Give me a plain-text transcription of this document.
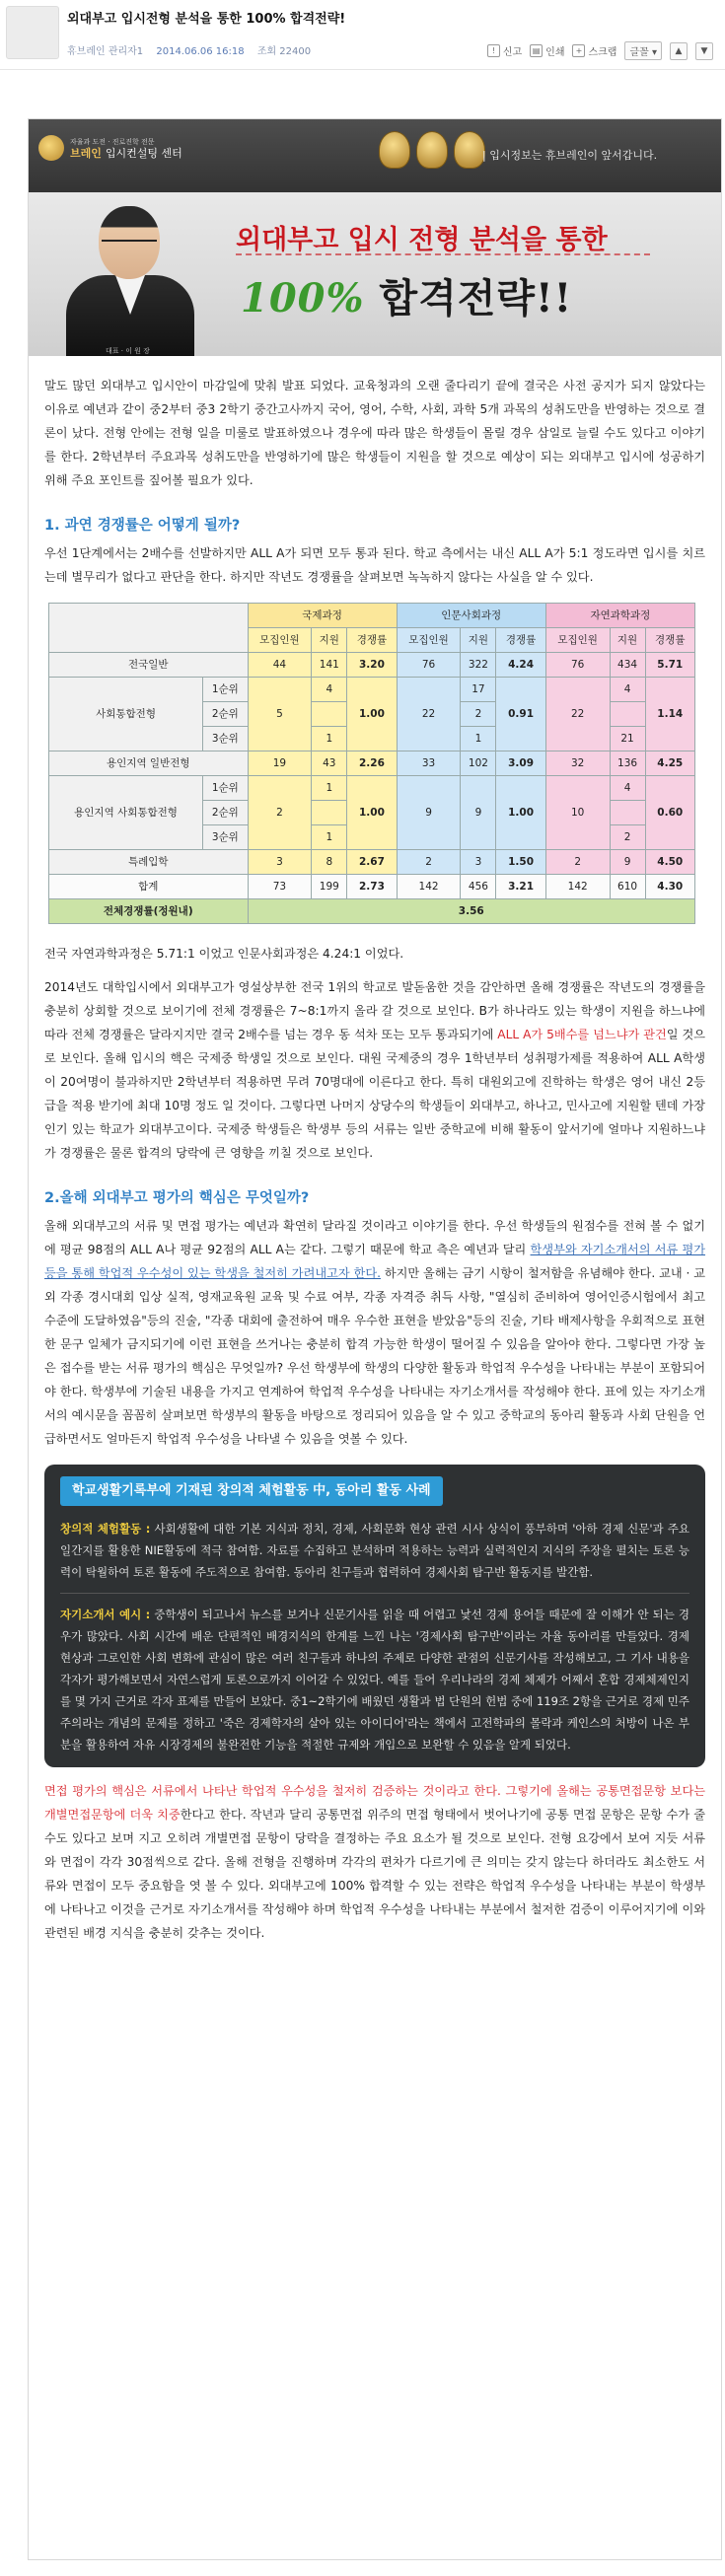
외대부고 입시전형 분석을 통한 100% 합격전략!
휴브레인 관리자1 2014.06.06 16:18 조회 22400	! 신고	▤ 인쇄	+ 스크랩	글꼴 ▾	▲	▼
자율과 도전 · 진로진학 전문
브레인 입시컨설팅 센터	| 입시정보는 휴브레인이 앞서갑니다.
대표 · 이 원 장
외대부고 입시 전형 분석을 통한
100% 합격전략!!

말도 많던 외대부고 입시안이 마감일에 맞춰 발표 되었다. 교육청과의 오랜 줄다리기 끝에 결국은 사전 공지가 되지 않았다는 이유로 예년과 같이 중2부터 중3 2학기 중간고사까지 국어, 영어, 수학, 사회, 과학 5개 과목의 성취도만을 반영하는 것으로 결론이 났다. 전형 안에는 전형 일을 미룰로 발표하였으나 경우에 따라 많은 학생들이 몰릴 경우 삼일로 늘릴 수도 있다고 이야기를 한다. 2학년부터 주요과목 성취도만을 반영하기에 많은 학생들이 지원을 할 것으로 예상이 되는 외대부고 입시에 성공하기 위해 주요 포인트를 짚어볼 필요가 있다.

1. 과연 경쟁률은 어떻게 될까?

우선 1단계에서는 2배수를 선발하지만 ALL A가 되면 모두 통과 된다. 학교 측에서는 내신 ALL A가 5:1 정도라면 입시를 치르는데 별무리가 없다고 판단을 한다. 하지만 작년도 경쟁률을 살펴보면 녹녹하지 않다는 사실을 알 수 있다.

		국제과정			인문사회과정			자연과학과정		
		모집인원	지원	경쟁률	모집인원	지원	경쟁률	모집인원	지원	경쟁률
전국일반		44	141	3.20	76	322	4.24	76	434	5.71
사회통합전형	1순위	5	4	1.00	22	17	0.91	22	4	1.14
	2순위					2				
	3순위		1			1			21	
용인지역 일반전형		19	43	2.26	33	102	3.09	32	136	4.25
용인지역 사회통합전형	1순위	2	1	1.00	9	9	1.00	10	4	0.60
	2순위									
	3순위		1						2	
특례입학		3	8	2.67	2	3	1.50	2	9	4.50
합계		73	199	2.73	142	456	3.21	142	610	4.30
전체경쟁률(정원내)		3.56								

전국 자연과학과정은 5.71:1 이었고 인문사회과정은 4.24:1 이었다.

2014년도 대학입시에서 외대부고가 영설상부한 전국 1위의 학교로 발돋움한 것을 감안하면 올해 경쟁률은 작년도의 경쟁률을 충분히 상회할 것으로 보이기에 전체 경쟁률은 7~8:1까지 올라 갈 것으로 보인다. B가 하나라도 있는 학생이 지원을 하느냐에 따라 전체 경쟁률은 달라지지만 결국 2배수를 넘는 경우 동 석차 또는 모두 통과되기에 ALL A가 5배수를 넘느냐가 관건일 것으로 보인다. 올해 입시의 핵은 국제중 학생일 것으로 보인다. 대원 국제중의 경우 1학년부터 성취평가제를 적용하여 ALL A학생이 20여명이 불과하지만 2학년부터 적용하면 무려 70명대에 이른다고 한다. 특히 대원외고에 진학하는 학생은 영어 내신 2등급을 적용 받기에 최대 10명 정도 일 것이다. 그렇다면 나머지 상당수의 학생들이 외대부고, 하나고, 민사고에 지원할 텐데 가장 인기 있는 학교가 외대부고이다. 국제중 학생들은 학생부 등의 서류는 일반 중학교에 비해 활동이 앞서기에 얼마나 지원하느냐가 경쟁률은 물론 합격의 당락에 큰 영향을 끼칠 것으로 보인다.

2.올해 외대부고 평가의 핵심은 무엇일까?

올해 외대부고의 서류 및 면접 평가는 예년과 확연히 달라질 것이라고 이야기를 한다. 우선 학생들의 원점수를 전혀 볼 수 없기에 평균 98점의 ALL A나 평균 92점의 ALL A는 같다. 그렇기 때문에 학교 측은 예년과 달리 학생부와 자기소개서의 서류 평가 등을 통해 학업적 우수성이 있는 학생을 철저히 가려내고자 한다. 하지만 올해는 금기 시항이 철저함을 유념해야 한다. 교내 · 교외 각종 경시대회 입상 실적, 영재교육원 교육 및 수료 여부, 각종 자격증 취득 사항, "열심히 준비하여 영어인증시험에서 최고수준에 도달하였음"등의 진술, "각종 대회에 출전하여 매우 우수한 표현을 받았음"등의 진술, 기타 배제사항을 우회적으로 표현한 문구 일체가 금지되기에 이런 표현을 쓰거나는 충분히 합격 가능한 학생이 떨어질 수 있음을 알아야 한다. 그렇다면 가장 높은 접수를 받는 서류 평가의 핵심은 무엇일까? 우선 학생부에 학생의 다양한 활동과 학업적 우수성을 나타내는 부분이 포함되어야 한다. 학생부에 기술된 내용을 가지고 연계하여 학업적 우수성을 나타내는 자기소개서를 작성해야 한다. 표에 있는 자기소개서의 예시문을 꼼꼼히 살펴보면 학생부의 활동을 바탕으로 정리되어 있음을 알 수 있고 중학교의 동아리 활동과 사회 단원을 언급하면서도 얼마든지 학업적 우수성을 나타낼 수 있음을 엿볼 수 있다.

학교생활기록부에 기재된 창의적 체험활동 中, 동아리 활동 사례

창의적 체험활동 : 사회생활에 대한 기본 지식과 정치, 경제, 사회문화 현상 관련 시사 상식이 풍부하며 '아하 경제 신문'과 주요 일간지를 활용한 NIE활동에 적극 참여함. 자료를 수집하고 분석하며 적용하는 능력과 실력적인지 지식의 주장을 펼치는 토론 능력이 탁월하여 토론 활동에 주도적으로 참여함. 동아리 친구들과 협력하여 경제사회 탐구반 활동지를 발간함.

자기소개서 예시 : 중학생이 되고나서 뉴스를 보거나 신문기사를 읽을 때 어렵고 낯선 경제 용어들 때문에 잘 이해가 안 되는 경우가 많았다. 사회 시간에 배운 단편적인 배경지식의 한계를 느낀 나는 '경제사회 탐구반'이라는 자율 동아리를 만들었다. 경제 현상과 그로인한 사회 변화에 관심이 많은 여러 친구들과 하나의 주제로 다양한 관점의 신문기사를 작성해보고, 그 기사 내용을 각자가 평가해보면서 자연스럽게 토론으로까지 이어갈 수 있었다. 예를 들어 우리나라의 경제 체제가 어째서 혼합 경제체제인지를 몇 가지 근거로 각자 표제를 만들어 보았다. 중1~2학기에 배웠던 생활과 법 단원의 헌법 중에 119조 2항을 근거로 경제 민주주의라는 개념의 문제를 정하고 '죽은 경제학자의 살아 있는 아이디어'라는 책에서 고전학파의 몰락과 케인스의 처방이 나온 부분을 활용하여 자유 시장경제의 불완전한 기능을 적절한 규제와 개입으로 보완할 수 있음을 알게 되었다.

면접 평가의 핵심은 서류에서 나타난 학업적 우수성을 철저히 검증하는 것이라고 한다. 그렇기에 올해는 공통면접문항 보다는 개별면접문항에 더욱 치중한다고 한다. 작년과 달리 공통면접 위주의 면접 형태에서 벗어나기에 공통 면접 문항은 문항 수가 줄 수도 있다고 보며 지고 오히려 개별면접 문항이 당락을 결정하는 주요 요소가 될 것으로 보인다. 전형 요강에서 보여 지듯 서류와 면접이 각각 30점씩으로 같다. 올해 전형을 진행하며 각각의 편차가 다르기에 큰 의미는 갖지 않는다 하더라도 최소한도 서류와 면접이 모두 중요함을 엿 볼 수 있다. 외대부고에 100% 합격할 수 있는 전략은 학업적 우수성을 나타내는 부분이 학생부에 나타나고 이것을 근거로 자기소개서를 작성해야 하며 학업적 우수성을 나타내는 부분에서 철저한 검증이 이루어지기에 이와 관련된 배경 지식을 충분히 갖추는 것이다.
